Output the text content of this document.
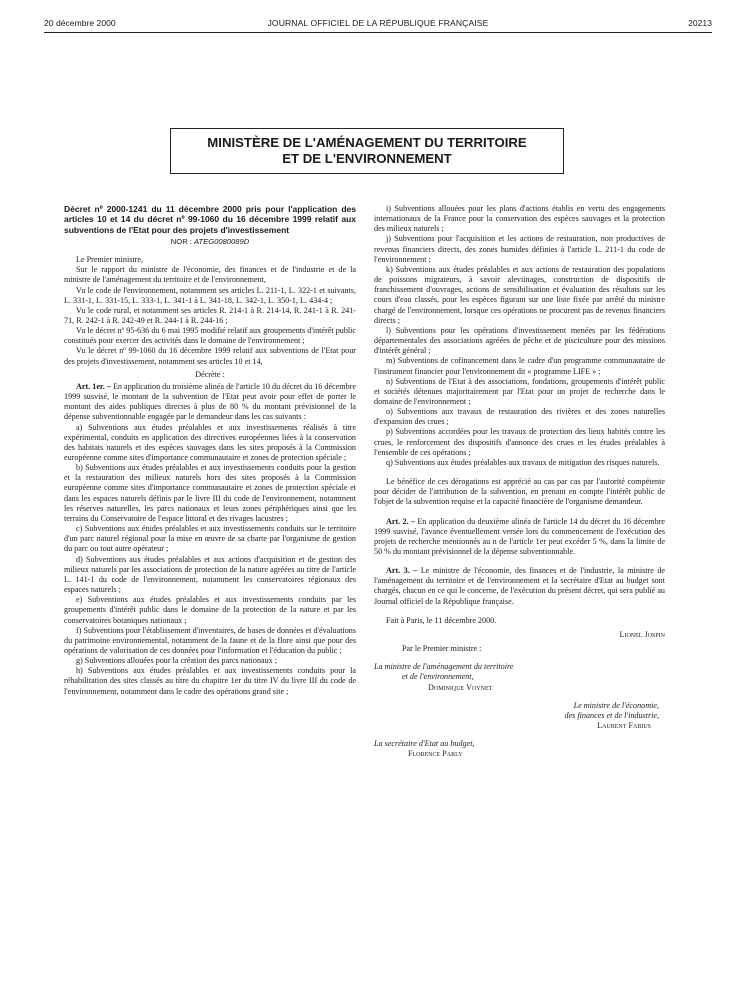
20 décembre 2000	JOURNAL OFFICIEL DE LA RÉPUBLIQUE FRANÇAISE	20213
MINISTÈRE DE L'AMÉNAGEMENT DU TERRITOIRE
ET DE L'ENVIRONNEMENT
Décret nº 2000-1241 du 11 décembre 2000 pris pour l'application des articles 10 et 14 du décret nº 99-1060 du 16 décembre 1999 relatif aux subventions de l'Etat pour des projets d'investissement
NOR : ATEG0080089D

Le Premier ministre,

Sur le rapport du ministre de l'économie, des finances et de l'industrie et de la ministre de l'aménagement du territoire et de l'environnement,

Vu le code de l'environnement, notamment ses articles L. 211-1, L. 322-1 et suivants, L. 331-1, L. 331-15, L. 333-1, L. 341-1 à L. 341-18, L. 342-1, L. 350-1, L. 434-4 ;

Vu le code rural, et notamment ses articles R. 214-1 à R. 214-14, R. 241-1 à R. 241-71, R. 242-1 à R. 242-49 et R. 244-1 à R. 244-16 ;

Vu le décret nº 95-636 du 6 mai 1995 modifié relatif aux groupements d'intérêt public constitués pour exercer des activités dans le domaine de l'environnement ;

Vu le décret nº 99-1060 du 16 décembre 1999 relatif aux subventions de l'Etat pour des projets d'investissement, notamment ses articles 10 et 14,

Décrète :

Art. 1er. – En application du troisième alinéa de l'article 10 du décret du 16 décembre 1999 susvisé, le montant de la subvention de l'Etat peut avoir pour effet de porter le montant des aides publiques directes à plus de 80 % du montant prévisionnel de la dépense subventionnable engagée par le demandeur dans les cas suivants :

a) Subventions aux études préalables et aux investissements réalisés à titre expérimental, conduits en application des directives européennes liées à la conservation des habitats naturels et des espèces sauvages dans les sites proposés à la Commission européenne comme sites d'importance communautaire et zones de protection spéciale ;

b) Subventions aux études préalables et aux investissements conduits pour la gestion et la restauration des milieux naturels hors des sites proposés à la Commission européenne comme sites d'importance communautaire et zones de protection spéciale et dans les espaces naturels définis par le livre III du code de l'environnement, notamment les réserves naturelles, les parcs nationaux et leurs zones périphériques ainsi que les terrains du Conservatoire de l'espace littoral et des rivages lacustres ;

c) Subventions aux études préalables et aux investissements conduits sur le territoire d'un parc naturel régional pour la mise en œuvre de sa charte par l'organisme de gestion du parc ou tout autre opérateur ;

d) Subventions aux études préalables et aux actions d'acquisition et de gestion des milieux naturels par les associations de protection de la nature agréées au titre de l'article L. 141-1 du code de l'environnement, notamment les conservatoires régionaux des espaces naturels ;

e) Subventions aux études préalables et aux investissements conduits par les groupements d'intérêt public dans le domaine de la protection de la nature et par les conservatoires botaniques nationaux ;

f) Subventions pour l'établissement d'inventaires, de bases de données et d'évaluations du patrimoine environnemental, notamment de la faune et de la flore ainsi que pour des opérations de valorisation de ces données pour l'information et l'éducation du public ;

g) Subventions allouées pour la création des parcs nationaux ;

h) Subventions aux études préalables et aux investissements conduits pour la réhabilitation des sites classés au titre du chapitre 1er du titre IV du livre III du code de l'environnement, notamment dans le cadre des opérations grand site ;

i) Subventions allouées pour les plans d'actions établis en vertu des engagements internationaux de la France pour la conservation des espèces sauvages et la protection des milieux naturels ;

j) Subventions pour l'acquisition et les actions de restauration, non productives de revenus financiers directs, des zones humides définies à l'article L. 211-1 du code de l'environnement ;

k) Subventions aux études préalables et aux actions de restauration des populations de poissons migrateurs, à savoir aleviinages, construction de dispositifs de franchissement d'ouvrages, actions de sensibilisation et évaluation des résultats sur les cours d'eau classés, pour les espèces figurant sur une liste fixée par arrêté du ministre chargé de l'environnement, lorsque ces opérations ne procurent pas de revenus financiers directs ;

l) Subventions pour les opérations d'investissement menées par les fédérations départementales des associations agréées de pêche et de pisciculture pour des missions d'intérêt général ;

m) Subventions de cofinancement dans le cadre d'un programme communautaire de l'instrument financier pour l'environnement dit « programme LIFE » ;

n) Subventions de l'Etat à des associations, fondations, groupements d'intérêt public et sociétés détenues majoritairement par l'Etat pour un projet de recherche dans le domaine de l'environnement ;

o) Subventions aux travaux de restauration des rivières et des zones naturelles d'expansion des crues ;

p) Subventions accordées pour les travaux de protection des lieux habités contre les crues, le renforcement des dispositifs d'annonce des crues et les études préalables à l'ensemble de ces opérations ;

q) Subventions aux études préalables aux travaux de mitigation des risques naturels.

Le bénéfice de ces dérogations est apprécié au cas par cas par l'autorité compétente pour décider de l'attribution de la subvention, en prenant en compte l'intérêt public de l'objet de la subvention requise et la capacité financière de l'organisme demandeur.

Art. 2. – En application du deuxième alinéa de l'article 14 du décret du 16 décembre 1999 susvisé, l'avance éventuellement versée lors du commencement de l'exécution des projets de recherche mentionnés au n de l'article 1er peut excéder 5 %, dans la limite de 50 % du montant prévisionnel de la dépense subventionnable.

Art. 3. – Le ministre de l'économie, des finances et de l'industrie, la ministre de l'aménagement du territoire et de l'environnement et la secrétaire d'Etat au budget sont chargés, chacun en ce qui le concerne, de l'exécution du présent décret, qui sera publié au Journal officiel de la République française.

Fait à Paris, le 11 décembre 2000.

Lionel Jospin

Par le Premier ministre :

La ministre de l'aménagement du territoire

et de l'environnement,

Dominique Voynet

Le ministre de l'économie,

des finances et de l'industrie,

Laurent Fabius

La secrétaire d'Etat au budget,

Florence Parly
